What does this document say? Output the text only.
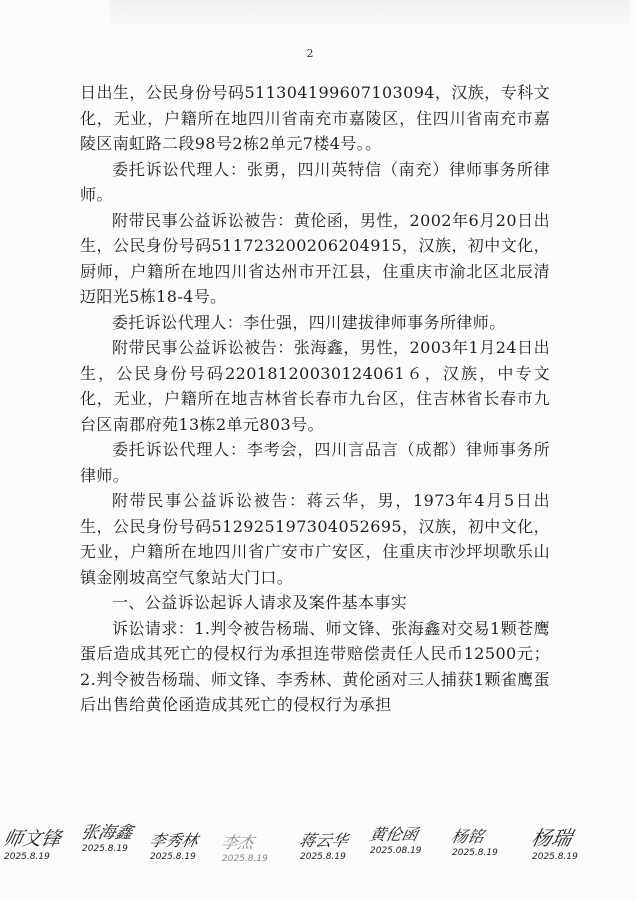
2

日出生，公民身份号码511304199607103094，汉族，专科文化，无业，户籍所在地四川省南充市嘉陵区，住四川省南充市嘉陵区南虹路二段98号2栋2单元7楼4号。。

委托诉讼代理人：张勇，四川英特信（南充）律师事务所律师。

附带民事公益诉讼被告：黄伦函，男性，2002年6月20日出生，公民身份号码511723200206204915，汉族，初中文化，厨师，户籍所在地四川省达州市开江县，住重庆市渝北区北辰清迈阳光5栋18-4号。

委托诉讼代理人：李仕强，四川建拔律师事务所律师。

附带民事公益诉讼被告：张海鑫，男性，2003年1月24日出生，公民身份号码22018120030124061６，汉族，中专文化，无业，户籍所在地吉林省长春市九台区，住吉林省长春市九台区南郡府苑13栋2单元803号。

委托诉讼代理人：李考会，四川言品言（成都）律师事务所律师。

附带民事公益诉讼被告：蒋云华，男，1973年4月5日出生，公民身份号码512925197304052695，汉族，初中文化，无业，户籍所在地四川省广安市广安区，住重庆市沙坪坝歌乐山镇金刚坡高空气象站大门口。

一、公益诉讼起诉人请求及案件基本事实

诉讼请求：1.判令被告杨瑞、师文锋、张海鑫对交易1颗苍鹰蛋后造成其死亡的侵权行为承担连带赔偿责任人民币12500元；2.判令被告杨瑞、师文锋、李秀林、黄伦函对三人捕获1颗雀鹰蛋后出售给黄伦函造成其死亡的侵权行为承担

师文锋
2025.8.19
张海鑫
2025.8.19	李秀林
2025.8.19
李杰
2025.8.19
蒋云华
2025.8.19
黄伦函
2025.08.19
杨铭
2025.8.19
杨瑞
2025.8.19
